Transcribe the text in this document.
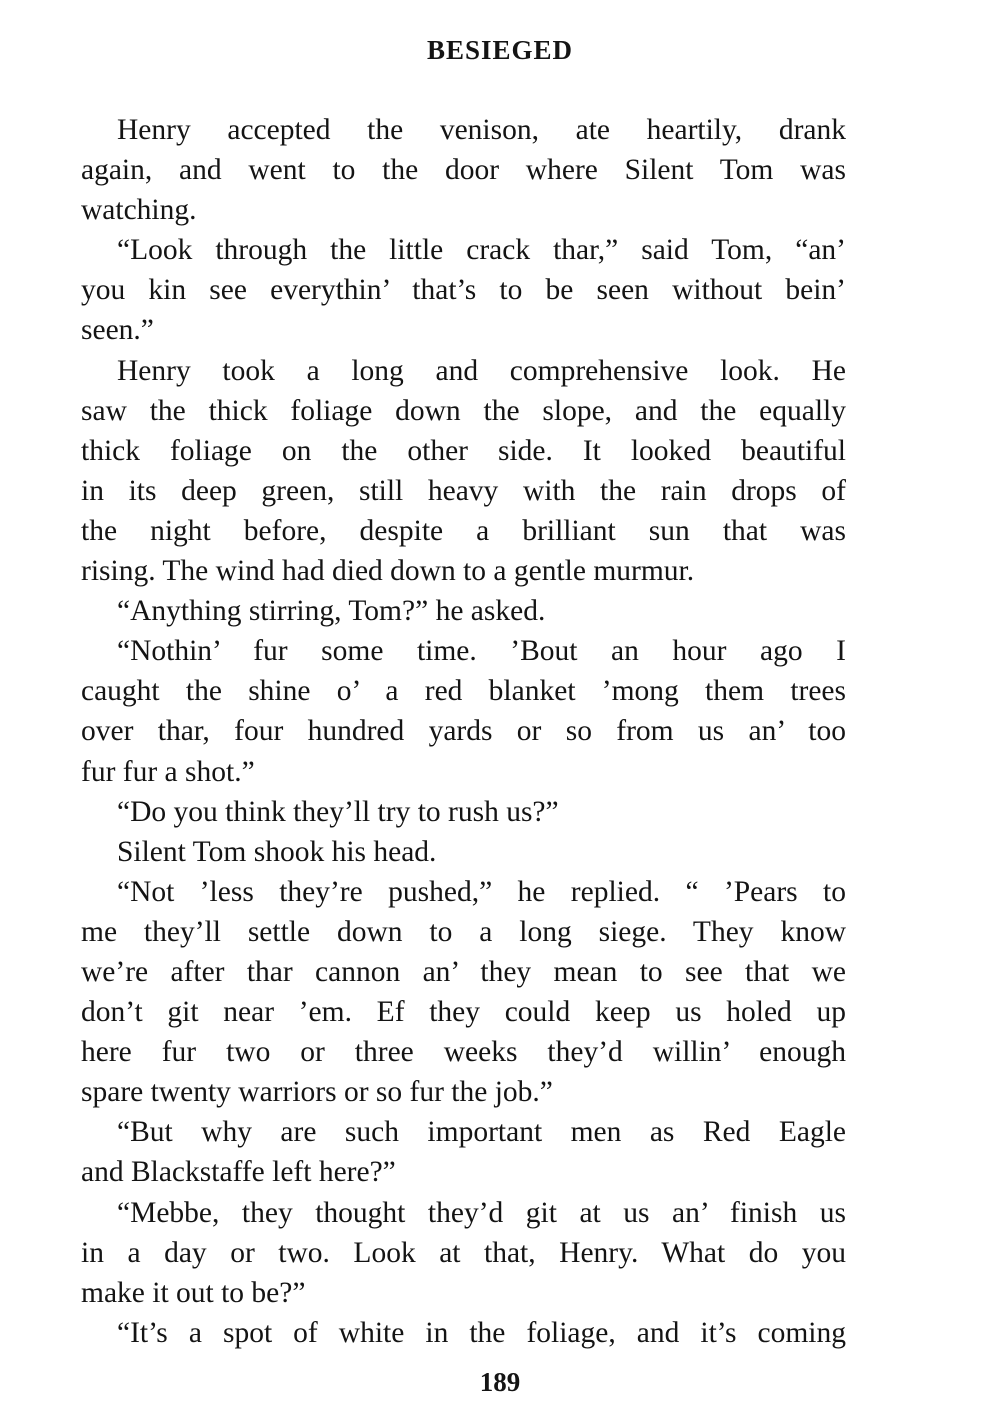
BESIEGED
Henry accepted the venison, ate heartily, drank
again, and went to the door where Silent Tom was
watching.
“Look through the little crack thar,” said Tom, “an’
you kin see everythin’ that’s to be seen without bein’
seen.”
Henry took a long and comprehensive look. He
saw the thick foliage down the slope, and the equally
thick foliage on the other side. It looked beautiful
in its deep green, still heavy with the rain drops of
the night before, despite a brilliant sun that was
rising. The wind had died down to a gentle murmur.
“Anything stirring, Tom?” he asked.
“Nothin’ fur some time. ’Bout an hour ago I
caught the shine o’ a red blanket ’mong them trees
over thar, four hundred yards or so from us an’ too
fur fur a shot.”
“Do you think they’ll try to rush us?”
Silent Tom shook his head.
“Not ’less they’re pushed,” he replied. “ ’Pears to
me they’ll settle down to a long siege. They know
we’re after thar cannon an’ they mean to see that we
don’t git near ’em. Ef they could keep us holed up
here fur two or three weeks they’d willin’ enough
spare twenty warriors or so fur the job.”
“But why are such important men as Red Eagle
and Blackstaffe left here?”
“Mebbe, they thought they’d git at us an’ finish us
in a day or two. Look at that, Henry. What do you
make it out to be?”
“It’s a spot of white in the foliage, and it’s coming
189
